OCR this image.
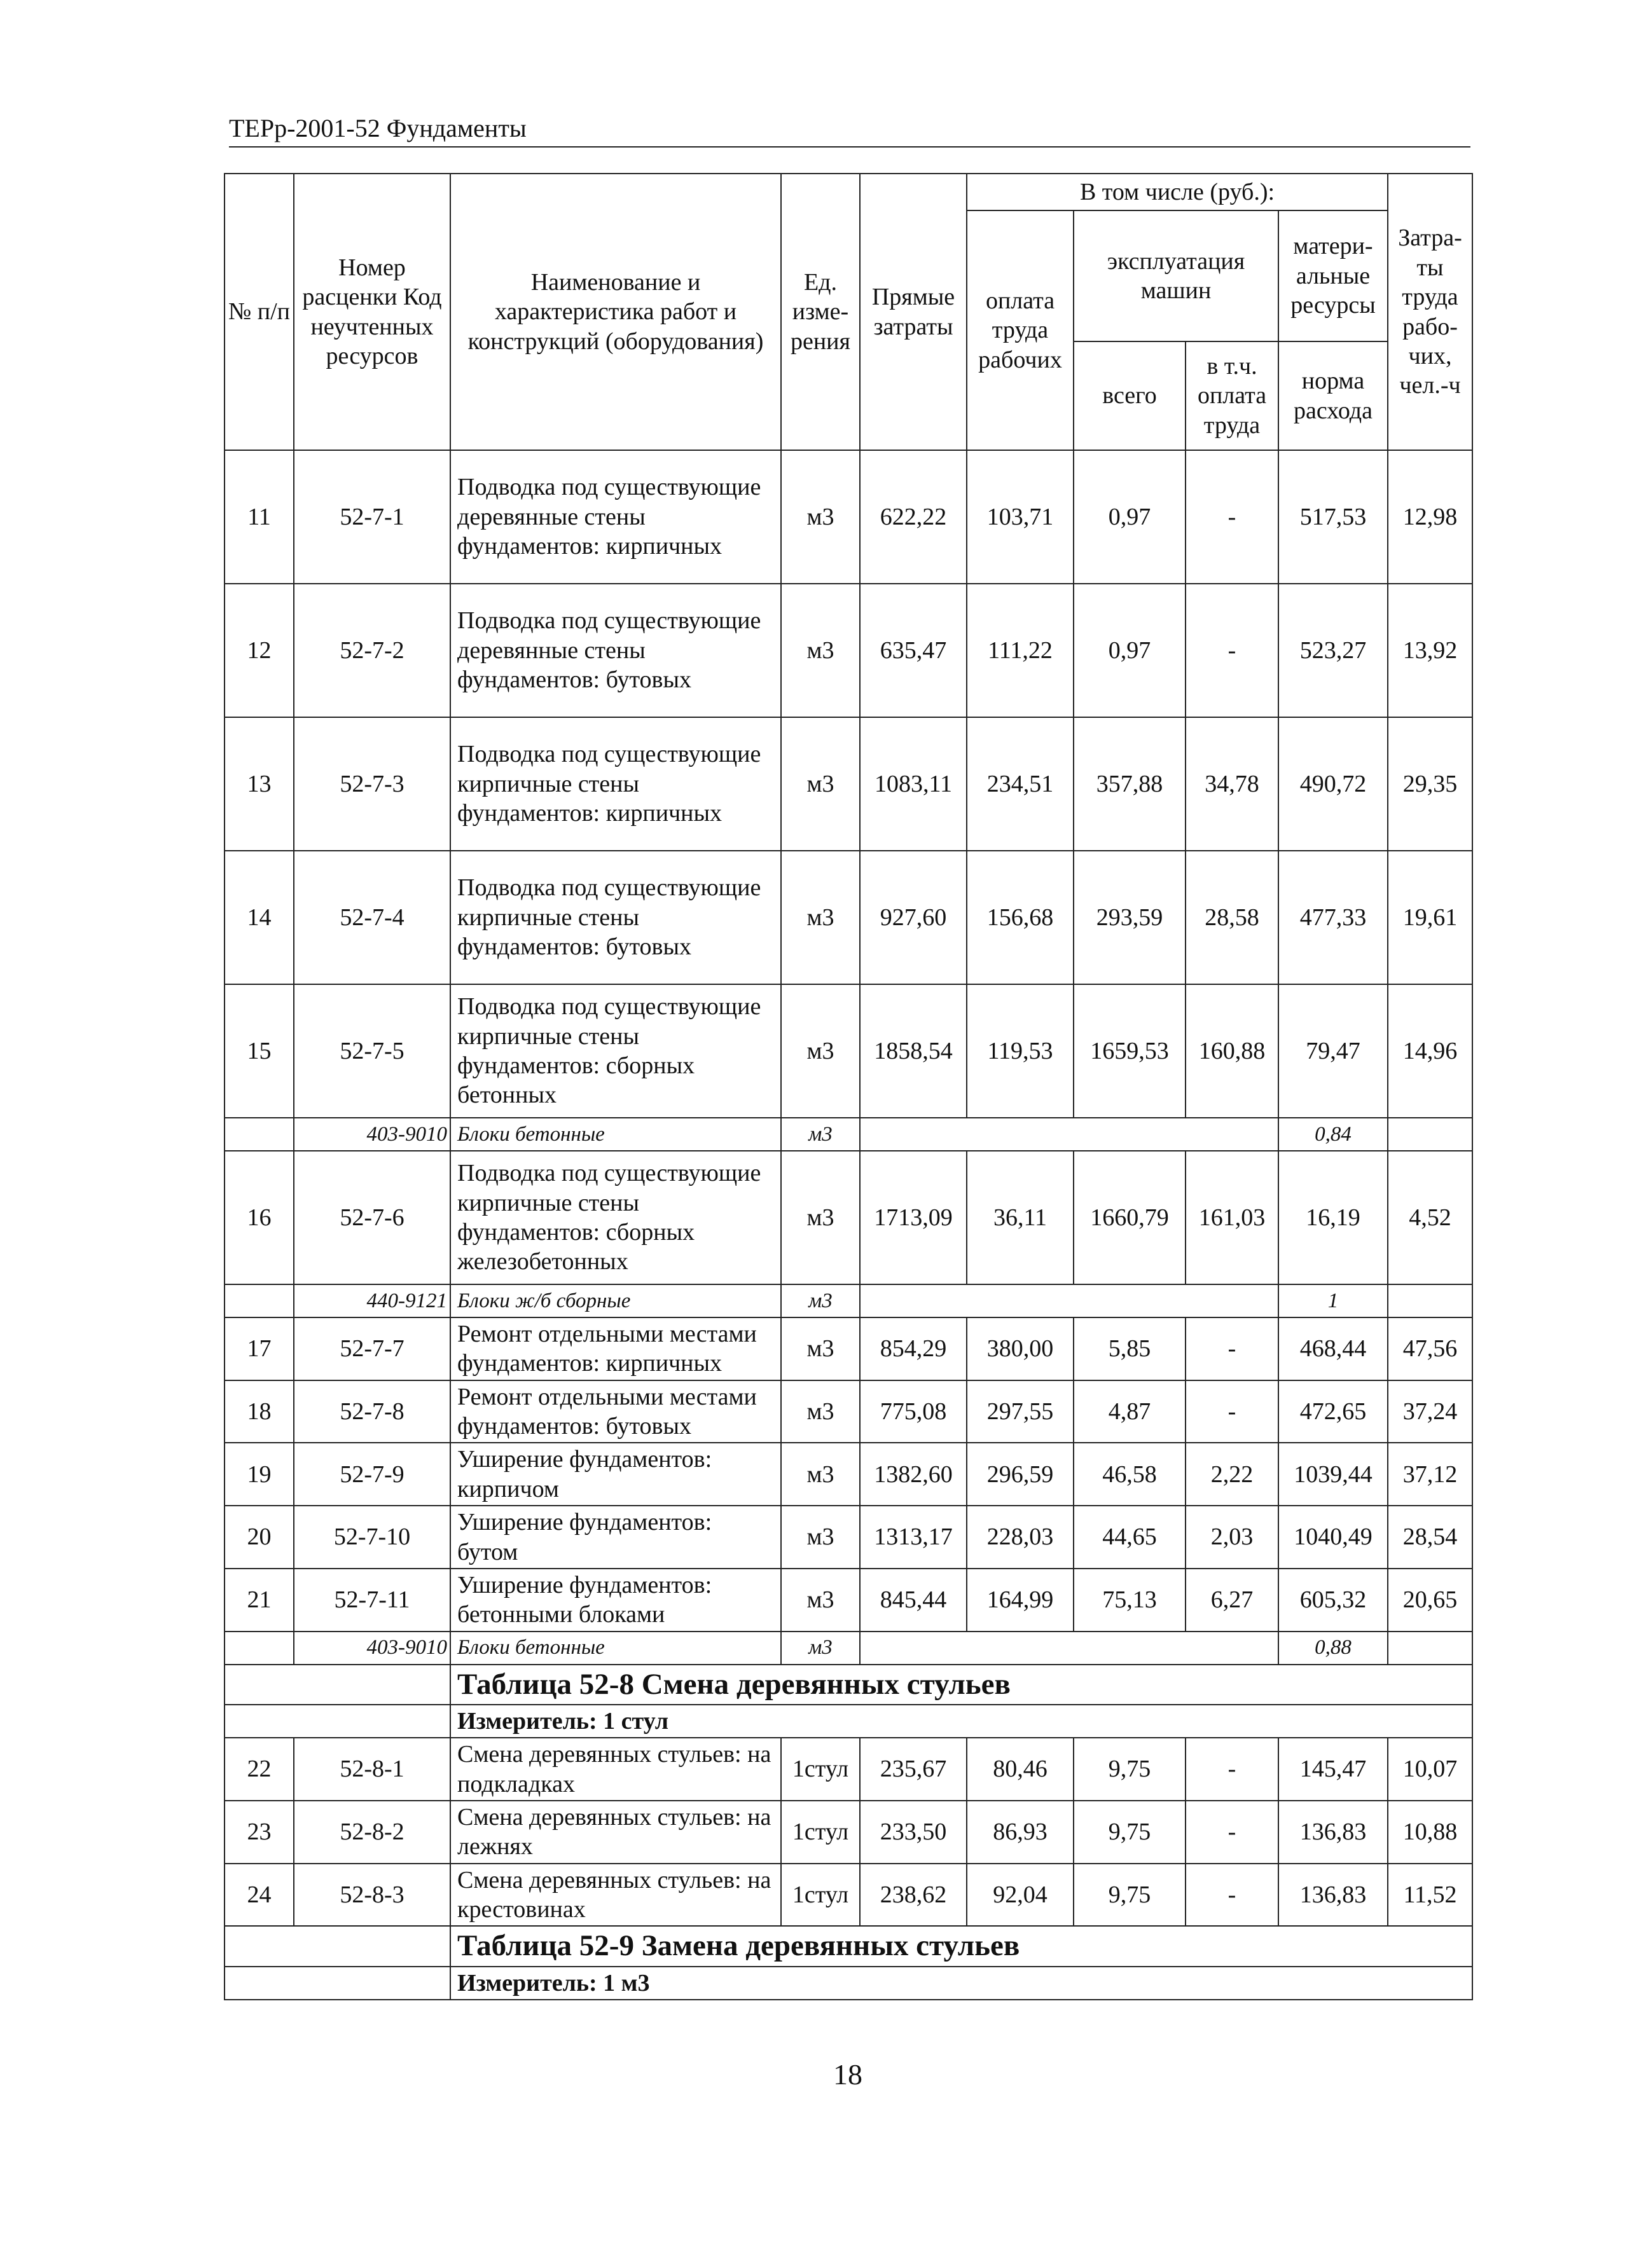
ТЕРр-2001-52 Фундаменты
№ п/п	Номер расценки Код неучтенных ресурсов	Наименование и характеристика работ и конструкций (оборудования)	Ед. изме- рения	Прямые затраты	В том числе (руб.):				Затра- ты труда рабо- чих, чел.-ч
					оплата труда рабочих	эксплуатация машин		матери- альные ресурсы	
						всего	в т.ч. оплата труда	норма расхода	
11	52-7-1	Подводка под существующие деревянные стены фундаментов: кирпичных	м3	622,22	103,71	0,97	-	517,53	12,98
12	52-7-2	Подводка под существующие деревянные стены фундаментов: бутовых	м3	635,47	111,22	0,97	-	523,27	13,92
13	52-7-3	Подводка под существующие кирпичные стены фундаментов: кирпичных	м3	1083,11	234,51	357,88	34,78	490,72	29,35
14	52-7-4	Подводка под существующие кирпичные стены фундаментов: бутовых	м3	927,60	156,68	293,59	28,58	477,33	19,61
15	52-7-5	Подводка под существующие кирпичные стены фундаментов: сборных бетонных	м3	1858,54	119,53	1659,53	160,88	79,47	14,96
	403-9010	Блоки бетонные	м3					0,84	
16	52-7-6	Подводка под существующие кирпичные стены фундаментов: сборных железобетонных	м3	1713,09	36,11	1660,79	161,03	16,19	4,52
	440-9121	Блоки ж/б сборные	м3					1	
17	52-7-7	Ремонт отдельными местами фундаментов: кирпичных	м3	854,29	380,00	5,85	-	468,44	47,56
18	52-7-8	Ремонт отдельными местами фундаментов: бутовых	м3	775,08	297,55	4,87	-	472,65	37,24
19	52-7-9	Уширение фундаментов: кирпичом	м3	1382,60	296,59	46,58	2,22	1039,44	37,12
20	52-7-10	Уширение фундаментов: бутом	м3	1313,17	228,03	44,65	2,03	1040,49	28,54
21	52-7-11	Уширение фундаментов: бетонными блоками	м3	845,44	164,99	75,13	6,27	605,32	20,65
	403-9010	Блоки бетонные	м3					0,88	
		Таблица 52-8 Смена деревянных стульев							
		Измеритель: 1 стул							
22	52-8-1	Смена деревянных стульев: на подкладках	1стул	235,67	80,46	9,75	-	145,47	10,07
23	52-8-2	Смена деревянных стульев: на лежнях	1стул	233,50	86,93	9,75	-	136,83	10,88
24	52-8-3	Смена деревянных стульев: на крестовинах	1стул	238,62	92,04	9,75	-	136,83	11,52
		Таблица 52-9 Замена деревянных стульев							
		Измеритель: 1 м3							
18
